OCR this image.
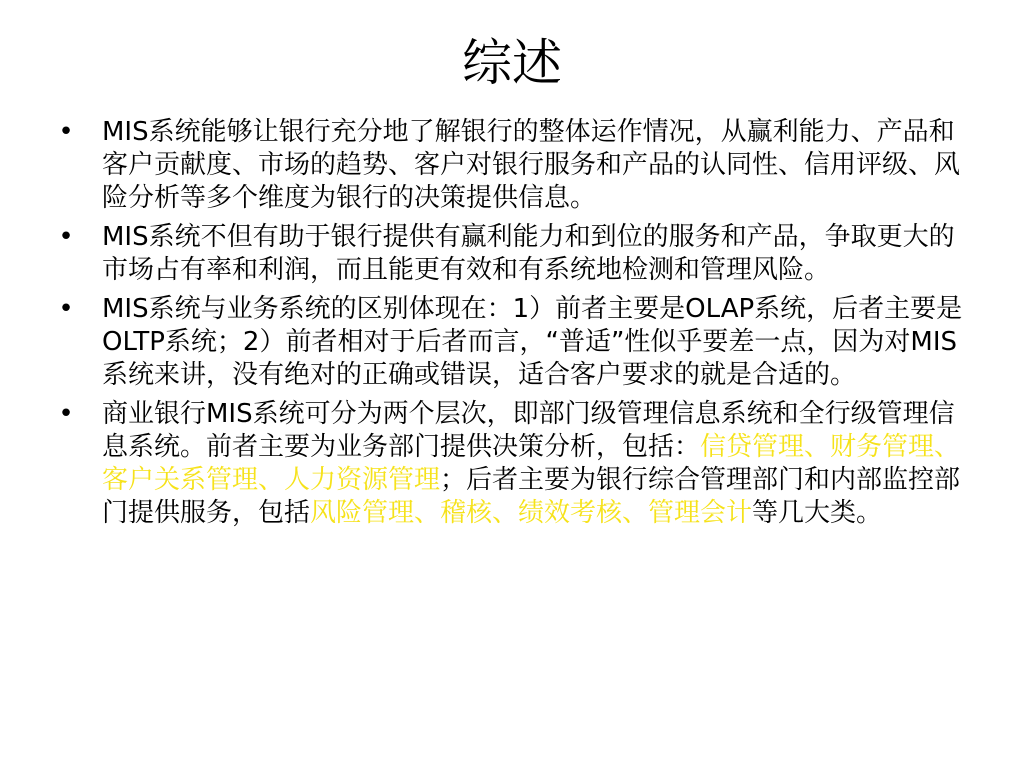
综述
• MIS系统能够让银行充分地了解银行的整体运作情况，从赢利能力、产品和客户贡献度、市场的趋势、客户对银行服务和产品的认同性、信用评级、风险分析等多个维度为银行的决策提供信息。
• MIS系统不但有助于银行提供有赢利能力和到位的服务和产品，争取更大的市场占有率和利润，而且能更有效和有系统地检测和管理风险。
• MIS系统与业务系统的区别体现在：1）前者主要是OLAP系统，后者主要是OLTP系统；2）前者相对于后者而言，“普适”性似乎要差一点，因为对MIS系统来讲，没有绝对的正确或错误，适合客户要求的就是合适的。
• 商业银行MIS系统可分为两个层次，即部门级管理信息系统和全行级管理信息系统。前者主要为业务部门提供决策分析，包括：信贷管理、财务管理、客户关系管理、人力资源管理；后者主要为银行综合管理部门和内部监控部门提供服务，包括风险管理、稽核、绩效考核、管理会计等几大类。
